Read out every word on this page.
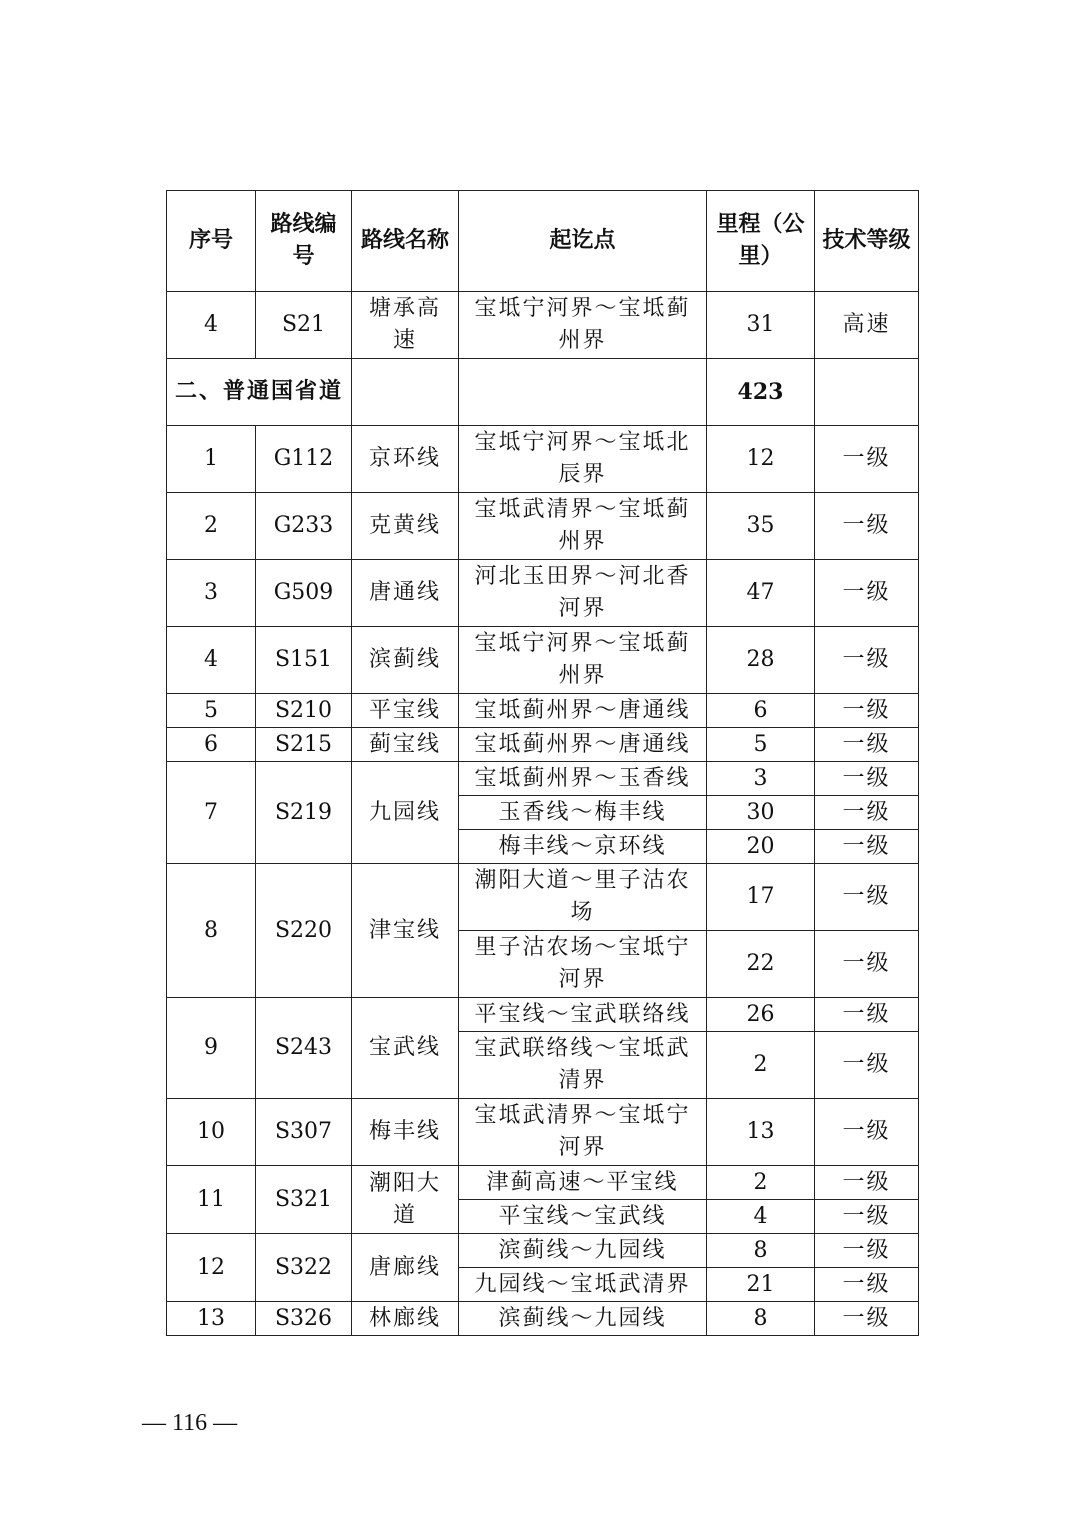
序号	路线编号	路线名称	起讫点	里程（公里）	技术等级
4	S21	塘承高速	宝坻宁河界～宝坻蓟州界	31	高速
二、普通国省道				423	
1	G112	京环线	宝坻宁河界～宝坻北辰界	12	一级
2	G233	克黄线	宝坻武清界～宝坻蓟州界	35	一级
3	G509	唐通线	河北玉田界～河北香河界	47	一级
4	S151	滨蓟线	宝坻宁河界～宝坻蓟州界	28	一级
5	S210	平宝线	宝坻蓟州界～唐通线	6	一级
6	S215	蓟宝线	宝坻蓟州界～唐通线	5	一级
7	S219	九园线	宝坻蓟州界～玉香线	3	一级
			玉香线～梅丰线	30	一级
			梅丰线～京环线	20	一级
8	S220	津宝线	潮阳大道～里子沽农场	17	一级
			里子沽农场～宝坻宁河界	22	一级
9	S243	宝武线	平宝线～宝武联络线	26	一级
			宝武联络线～宝坻武清界	2	一级
10	S307	梅丰线	宝坻武清界～宝坻宁河界	13	一级
11	S321	潮阳大道	津蓟高速～平宝线	2	一级
			平宝线～宝武线	4	一级
12	S322	唐廊线	滨蓟线～九园线	8	一级
			九园线～宝坻武清界	21	一级
13	S326	林廊线	滨蓟线～九园线	8	一级
— 116 —
